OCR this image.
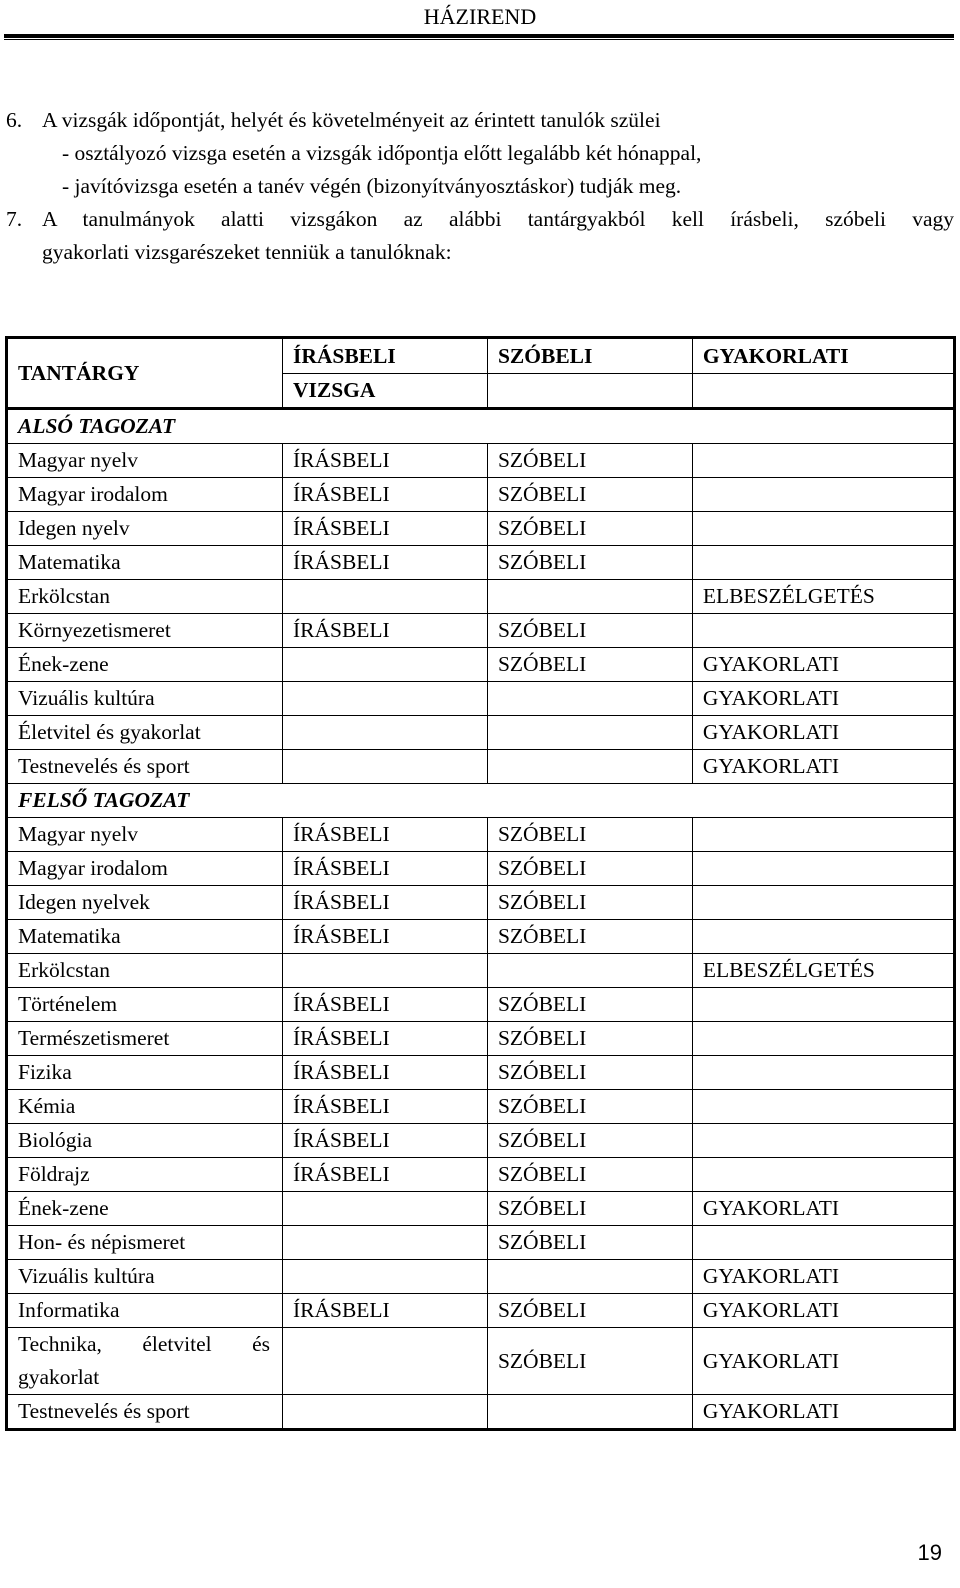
HÁZIREND
6. A vizsgák időpontját, helyét és követelményeit az érintett tanulók szülei
- osztályozó vizsga esetén a vizsgák időpontja előtt legalább két hónappal,
- javítóvizsga esetén a tanév végén (bizonyítványosztáskor) tudják meg.
7. A tanulmányok alatti vizsgákon az alábbi tantárgyakból kell írásbeli, szóbeli vagy
gyakorlati vizsgarészeket tenniük a tanulóknak:
TANTÁRGY	ÍRÁSBELI	SZÓBELI	GYAKORLATI
	VIZSGA		
ALSÓ TAGOZAT			
Magyar nyelv	ÍRÁSBELI	SZÓBELI	
Magyar irodalom	ÍRÁSBELI	SZÓBELI	
Idegen nyelv	ÍRÁSBELI	SZÓBELI	
Matematika	ÍRÁSBELI	SZÓBELI	
Erkölcstan			ELBESZÉLGETÉS
Környezetismeret	ÍRÁSBELI	SZÓBELI	
Ének-zene		SZÓBELI	GYAKORLATI
Vizuális kultúra			GYAKORLATI
Életvitel és gyakorlat			GYAKORLATI
Testnevelés és sport			GYAKORLATI
FELSŐ TAGOZAT			
Magyar nyelv	ÍRÁSBELI	SZÓBELI	
Magyar irodalom	ÍRÁSBELI	SZÓBELI	
Idegen nyelvek	ÍRÁSBELI	SZÓBELI	
Matematika	ÍRÁSBELI	SZÓBELI	
Erkölcstan			ELBESZÉLGETÉS
Történelem	ÍRÁSBELI	SZÓBELI	
Természetismeret	ÍRÁSBELI	SZÓBELI	
Fizika	ÍRÁSBELI	SZÓBELI	
Kémia	ÍRÁSBELI	SZÓBELI	
Biológia	ÍRÁSBELI	SZÓBELI	
Földrajz	ÍRÁSBELI	SZÓBELI	
Ének-zene		SZÓBELI	GYAKORLATI
Hon- és népismeret		SZÓBELI	
Vizuális kultúra			GYAKORLATI
Informatika	ÍRÁSBELI	SZÓBELI	GYAKORLATI

Technika, életvitel és
gyakorlat		SZÓBELI	GYAKORLATI
Testnevelés és sport			GYAKORLATI
19
